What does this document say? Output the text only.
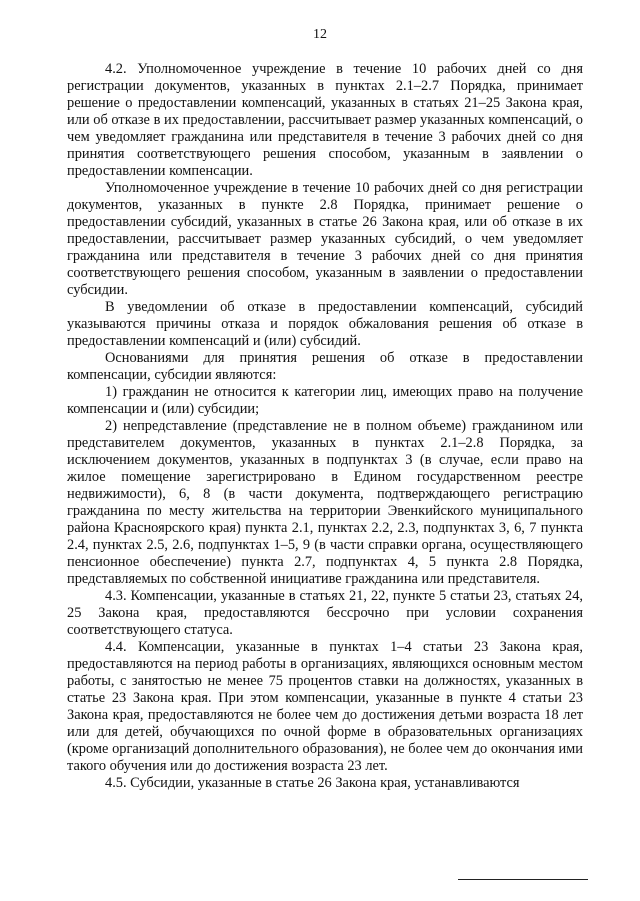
12

4.2. Уполномоченное учреждение в течение 10 рабочих дней со дня регистрации документов, указанных в пунктах 2.1–2.7 Порядка, принимает решение о предоставлении компенсаций, указанных в статьях 21–25 Закона края, или об отказе в их предоставлении, рассчитывает размер указанных компенсаций, о чем уведомляет гражданина или представителя в течение 3 рабочих дней со дня принятия соответствующего решения способом, указанным в заявлении о предоставлении компенсации.

Уполномоченное учреждение в течение 10 рабочих дней со дня регистрации документов, указанных в пункте 2.8 Порядка, принимает решение о предоставлении субсидий, указанных в статье 26 Закона края, или об отказе в их предоставлении, рассчитывает размер указанных субсидий, о чем уведомляет гражданина или представителя в течение 3 рабочих дней со дня принятия соответствующего решения способом, указанным в заявлении о предоставлении субсидии.

В уведомлении об отказе в предоставлении компенсаций, субсидий указываются причины отказа и порядок обжалования решения об отказе в предоставлении компенсаций и (или) субсидий.

Основаниями для принятия решения об отказе в предоставлении компенсации, субсидии являются:

1) гражданин не относится к категории лиц, имеющих право на получение компенсации и (или) субсидии;

2) непредставление (представление не в полном объеме) гражданином или представителем документов, указанных в пунктах 2.1–2.8 Порядка, за исключением документов, указанных в подпунктах 3 (в случае, если право на жилое помещение зарегистрировано в Едином государственном реестре недвижимости), 6, 8 (в части документа, подтверждающего регистрацию гражданина по месту жительства на территории Эвенкийского муниципального района Красноярского края) пункта 2.1, пунктах 2.2, 2.3, подпунктах 3, 6, 7 пункта 2.4, пунктах 2.5, 2.6, подпунктах 1–5, 9 (в части справки органа, осуществляющего пенсионное обеспечение) пункта 2.7, подпунктах 4, 5 пункта 2.8 Порядка, представляемых по собственной инициативе гражданина или представителя.

4.3. Компенсации, указанные в статьях 21, 22, пункте 5 статьи 23, статьях 24, 25 Закона края, предоставляются бессрочно при условии сохранения соответствующего статуса.

4.4. Компенсации, указанные в пунктах 1–4 статьи 23 Закона края, предоставляются на период работы в организациях, являющихся основным местом работы, с занятостью не менее 75 процентов ставки на должностях, указанных в статье 23 Закона края. При этом компенсации, указанные в пункте 4 статьи 23 Закона края, предоставляются не более чем до достижения детьми возраста 18 лет или для детей, обучающихся по очной форме в образовательных организациях (кроме организаций дополнительного образования), не более чем до окончания ими такого обучения или до достижения возраста 23 лет.

4.5. Субсидии, указанные в статье 26 Закона края, устанавливаются
